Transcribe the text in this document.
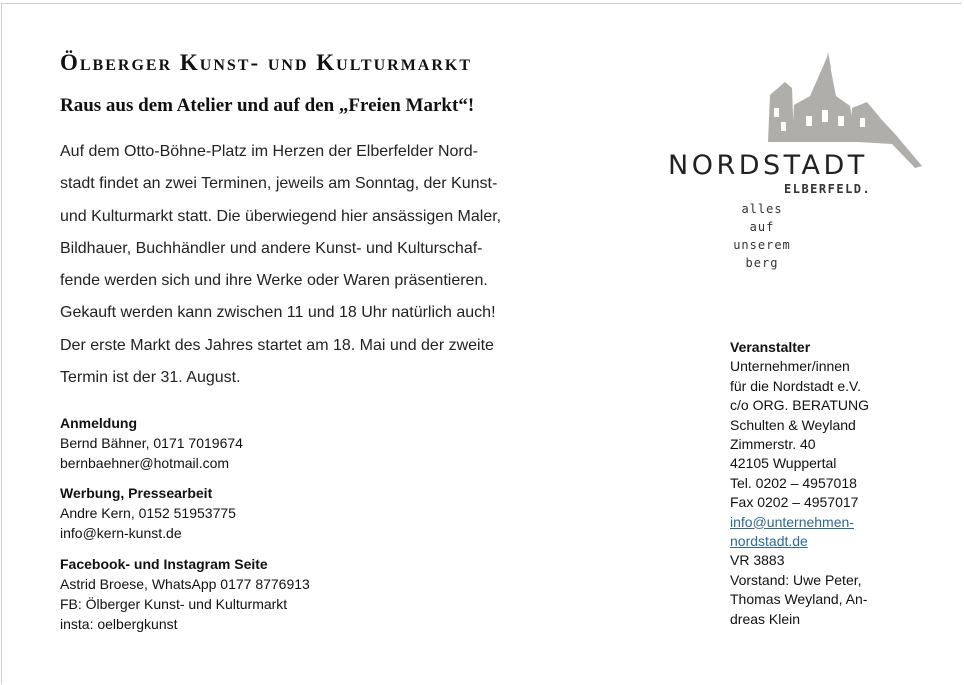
Ölberger Kunst- und Kulturmarkt
Raus aus dem Atelier und auf den „Freien Markt“!
Auf dem Otto-Böhne-Platz im Herzen der Elberfelder Nord-
stadt findet an zwei Terminen, jeweils am Sonntag, der Kunst-
und Kulturmarkt statt. Die überwiegend hier ansässigen Maler,
Bildhauer, Buchhändler und andere Kunst- und Kulturschaf-
fende werden sich und ihre Werke oder Waren präsentieren.
Gekauft werden kann zwischen 11 und 18 Uhr natürlich auch!
Der erste Markt des Jahres startet am 18. Mai und der zweite
Termin ist der 31. August.
Anmeldung
Bernd Bähner, 0171 7019674
bernbaehner@hotmail.com
Werbung, Pressearbeit
Andre Kern, 0152 51953775
info@kern-kunst.de
Facebook- und Instagram Seite
Astrid Broese, WhatsApp 0177 8776913
FB: Ölberger Kunst- und Kulturmarkt
insta: oelbergkunst
NORDSTADT
ELBERFELD.
alles
auf
unserem
berg
Veranstalter
Unternehmer/innen
für die Nordstadt e.V.
c/o ORG. BERATUNG
Schulten & Weyland
Zimmerstr. 40
42105 Wuppertal
Tel. 0202 – 4957018
Fax 0202 – 4957017
info@unternehmen-
nordstadt.de
VR 3883
Vorstand: Uwe Peter,
Thomas Weyland, An-
dreas Klein
